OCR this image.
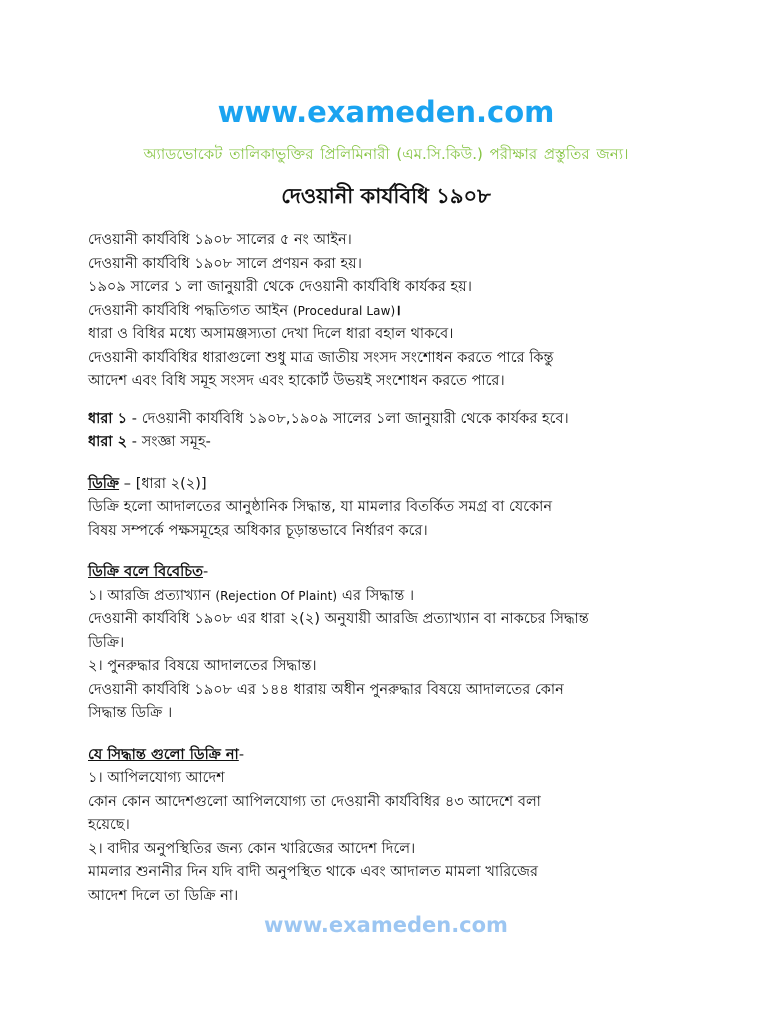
www.exameden.com
অ্যাডভোকেট তালিকাভুক্তির প্রিলিমিনারী (এম.সি.কিউ.) পরীক্ষার প্রস্তুতির জন্য।
দেওয়ানী কার্যবিধি ১৯০৮
দেওয়ানী কার্যবিধি ১৯০৮ সালের ৫ নং আইন।
দেওয়ানী কার্যবিধি ১৯০৮ সালে প্রণয়ন করা হয়।
১৯০৯ সালের ১ লা জানুয়ারী থেকে দেওয়ানী কার্যবিধি কার্যকর হয়।
দেওয়ানী কার্যবিধি পদ্ধতিগত আইন (Procedural Law)।
ধারা ও বিধির মধ্যে অসামঞ্জস্যতা দেখা দিলে ধারা বহাল থাকবে।
দেওয়ানী কার্যবিধির ধারাগুলো শুধু মাত্র জাতীয় সংসদ সংশোধন করতে পারে কিন্তু
আদেশ এবং বিধি সমূহ সংসদ এবং হাকোর্ট উভয়ই সংশোধন করতে পারে।
ধারা ১ - দেওয়ানী কার্যবিধি ১৯০৮,১৯০৯ সালের ১লা জানুয়ারী থেকে কার্যকর হবে।
ধারা ২ - সংজ্ঞা সমূহ-
ডিক্রি – [ধারা ২(২)]
ডিক্রি হলো আদালতের আনুষ্ঠানিক সিদ্ধান্ত, যা মামলার বিতর্কিত সমগ্র বা যেকোন
বিষয় সম্পর্কে পক্ষসমূহের অধিকার চূড়ান্তভাবে নির্ধারণ করে।
ডিক্রি বলে বিবেচিত-
১। আরজি প্রত্যাখ্যান (Rejection Of Plaint) এর সিদ্ধান্ত ।
দেওয়ানী কার্যবিধি ১৯০৮ এর ধারা ২(২) অনুযায়ী আরজি প্রত্যাখ্যান বা নাকচের সিদ্ধান্ত
ডিক্রি।
২। পুনরুদ্ধার বিষয়ে আদালতের সিদ্ধান্ত।
দেওয়ানী কার্যবিধি ১৯০৮ এর ১৪৪ ধারায় অধীন পুনরুদ্ধার বিষয়ে আদালতের কোন
সিদ্ধান্ত ডিক্রি ।
যে সিদ্ধান্ত গুলো ডিক্রি না-
১। আপিলযোগ্য আদেশ
কোন কোন আদেশগুলো আপিলযোগ্য তা দেওয়ানী কার্যবিধির ৪৩ আদেশে বলা
হয়েছে।
২। বাদীর অনুপস্থিতির জন্য কোন খারিজের আদেশ দিলে।
মামলার শুনানীর দিন যদি বাদী অনুপস্থিত থাকে এবং আদালত মামলা খারিজের
আদেশ দিলে তা ডিক্রি না।
www.exameden.com
